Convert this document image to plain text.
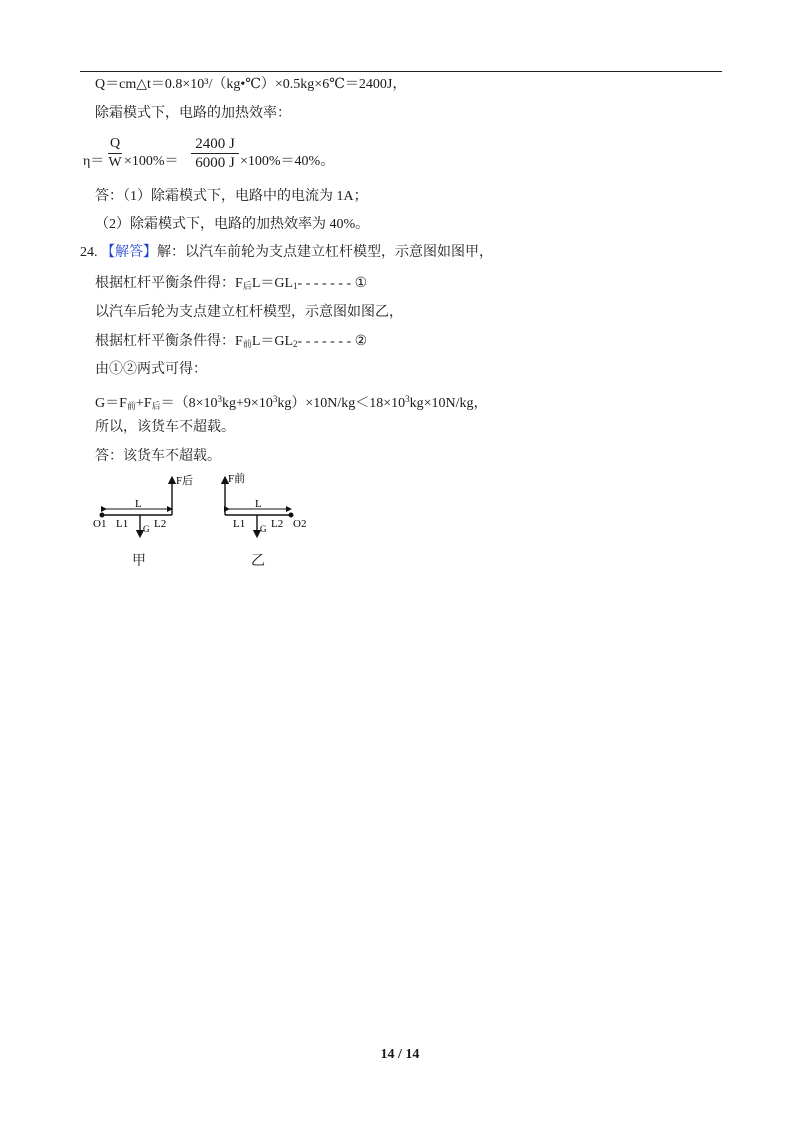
Q＝cm△t＝0.8×10³/（kg•℃）×0.5kg×6℃＝2400J，
除霜模式下，电路的加热效率：
η＝
Q
W ×100%＝
2400 J
6000 J ×100%＝40%。
答：（1）除霜模式下，电路中的电流为 1A；
（2）除霜模式下，电路的加热效率为 40%。
24. 【解答】解：以汽车前轮为支点建立杠杆模型，示意图如图甲，
根据杠杆平衡条件得：$F_后L=GL_1-$ - - - - - - ①
以汽车后轮为支点建立杠杆模型，示意图如图乙，
根据杠杆平衡条件得：$F_前L=GL_2-$ - - - - - - ②
由①②两式可得：
$G=F_前+F_后=(8\times 10^3kg+9\times 10^3kg)\times 10N/kg<18\times 10^3kg\times 10N/kg$，
所以，该货车不超载。
答：该货车不超载。
F后
L
L1 L2
O1	G
甲
F前
L
L1 L2 O2
G
乙
14 / 14
